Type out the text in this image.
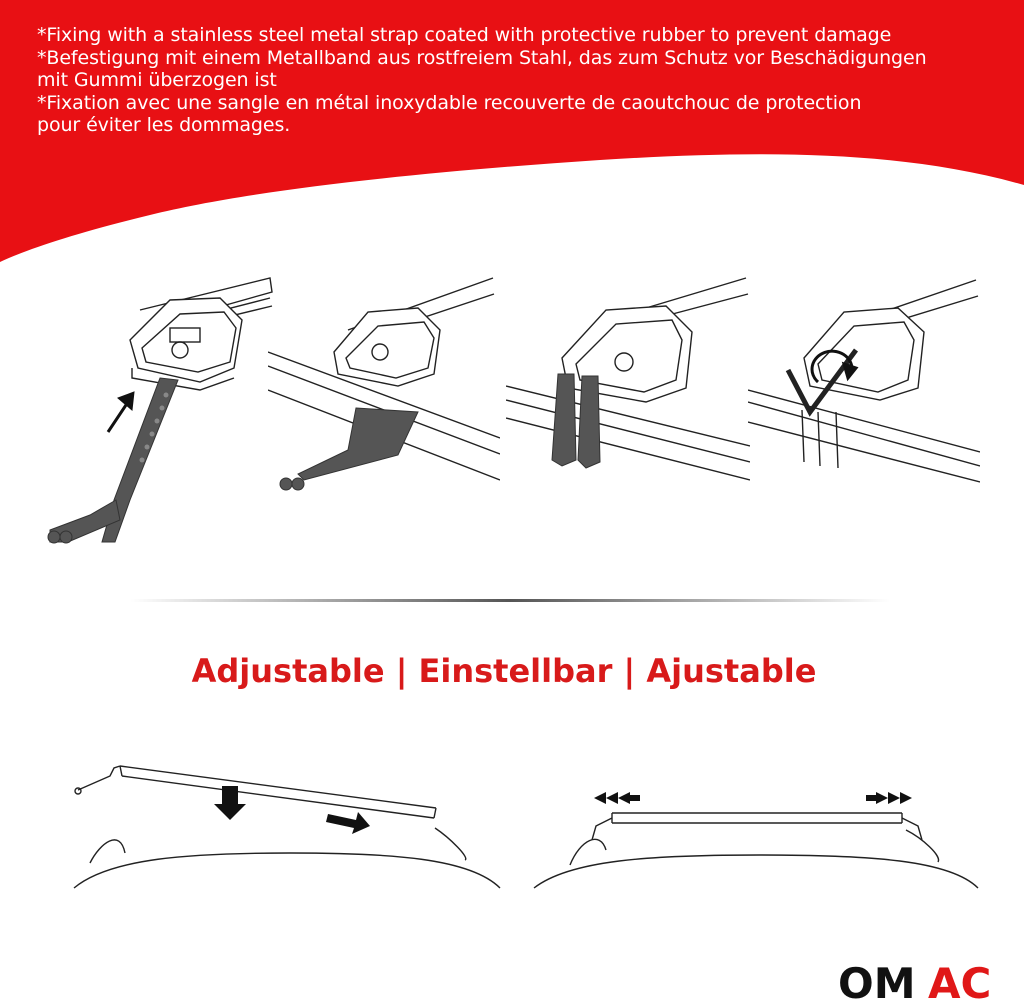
*Fixing with a stainless steel metal strap coated with protective rubber to prevent damage
*Befestigung mit einem Metallband aus rostfreiem Stahl, das zum Schutz vor Beschädigungen
mit Gummi überzogen ist
*Fixation avec une sangle en métal inoxydable recouverte de caoutchouc de protection
pour éviter les dommages.
Adjustable | Einstellbar | Ajustable
OM AC
